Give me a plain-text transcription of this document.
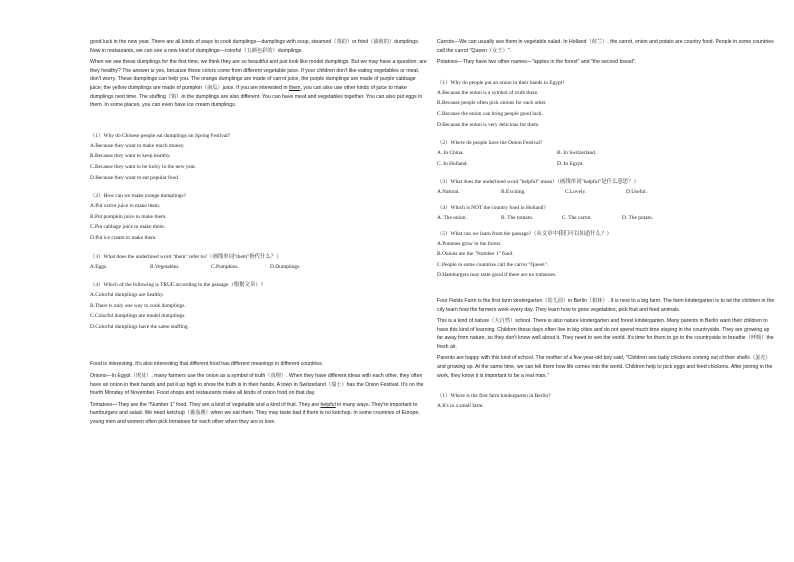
good luck in the new year. There are all kinds of ways to cook dumplings—dumplings with soup, steamed（蒸的）or fried（油煎的）dumplings. Now in restaurants, we can see a new kind of dumplings—colorful（五颜色彩的）dumplings.

When we see these dumplings for the first time, we think they are so beautiful and just look like model dumplings. But we may have a question: are they healthy? The answer is yes, because these colors come from different vegetable juice. If your children don't like eating vegetables or meat, don't worry. These dumplings can help you. The orange dumplings are made of carrot juice, the purple dumplings are made of purple cabbage juice; the yellow dumplings are made of pumpkin（南瓜）juice. If you are interested in them, you can also use other kinds of juice to make dumplings next time. The stuffing（馅）in the dumplings are also different. You can have meat and vegetables together. You can also put eggs in them. In some places, you can even have ice cream dumplings.

（1）Why do Chinese people eat dumplings on Spring Festival?

A.Because they want to make much money.

B.Because they want to keep healthy.

C.Because they want to be lucky in the new year.

D.Because they want to eat popular food.

（2）How can we make orange dumplings?

A.Put carrot juice to make them.

B.Put pumpkin juice to make them.

C.Put cabbage juice to make them.

D.Put ice cream to make them.

（3）What does the underlined word "them" refer to?（画线单词"them"指代什么？）

A.Eggs.	B.Vegetables.	C.Pumpkins.	D.Dumplings.

（4）Which of the following is TRUE according to the passage（根据文章）?

A.Colorful dumplings are healthy.

B.There is only one way to cook dumplings.

C.Colorful dumplings are model dumplings.

D.Colorful dumplings have the same stuffing.

Food is interesting. It's also interesting that different food has different meanings in different countries.

Onions—In Egypt（埃及）, many farmers use the onion as a symbol of truth（真理）. When they have different ideas with each other, they often have an onion in their hands and put it up high to show the truth is in their hands. A town in Switzerland（瑞士）has the Onion Festival. It's on the fourth Monday of November. Food shops and restaurants make all kinds of onion food on that day.

Tomatoes—They are the "Number 1" food. They are a kind of vegetable and a kind of fruit. They are helpful in many ways. They're important to hamburgers and salad. We need ketchup（番茄酱）when we eat them. They may taste bad if there is no ketchup. In some countries of Europe, young men and women often pick tomatoes for each other when they are in love.

Carrots—We can usually see them in vegetable salad. In Holland（荷兰）, the carrot, onion and potato are country food. People in some countries call the carrot "Queen（女王）".

Potatoes—They have two other names—"apples in the forest" and "the second bread".

（1）Why do people put an onion in their hands in Egypt?

A.Because the onion is a symbol of truth there.

B.Because people often pick onions for each other.

C.Because the onion can bring people good luck.

D.Because the onion is very delicious for them.

（2）Where do people have the Onion Festival?

A. In China.	B. In Switzerland.
C. In Holland.	D. In Egypt.

（3）What does the underlined word "helpful" mean?（画线单词"helpful"是什么意思？）

A.Natural.	B.Exciting.	C.Lovely.	D.Useful.

（4）Which is NOT the country food in Holland?

A. The onion.	B. The tomato.	C. The carrot.	D. The potato.

（5）What can we learn from the passage?（从文章中我们可以知道什么？）

A.Potatoes grow in the forest.

B.Onions are the "Number 1" food.

C.People in some countries call the carrot "Queen".

D.Hamburgers may taste good if there are no tomatoes.

Four Fields Farm is the first farm kindergarten（幼儿园）in Berlin（柏林）. It is next to a big farm. The farm kindergarten is to let the children in the city learn how the farmers work every day. They learn how to grow vegetables, pick fruit and feed animals.

This is a kind of nature（大自然）school. There is also nature kindergarten and forest kindergarten. Many parents in Berlin want their children to have this kind of learning. Children these days often live in big cities and do not spend much time staying in the countryside. They are growing up far away from nature, so they don't know well about it. They need to see the world. It's time for them to go to the countryside to breathe（呼吸）the fresh air.

Parents are happy with this kind of school. The mother of a five-year-old boy said, "Children see baby chickens coming out of their shells（蛋壳）and growing up. At the same time, we can tell them how life comes into the world. Children help to pick eggs and feed chickens. After joining in the work, they know it is important to be a real man."

（1）Where is the first farm kindergarten in Berlin?

A.It's in a small farm.
